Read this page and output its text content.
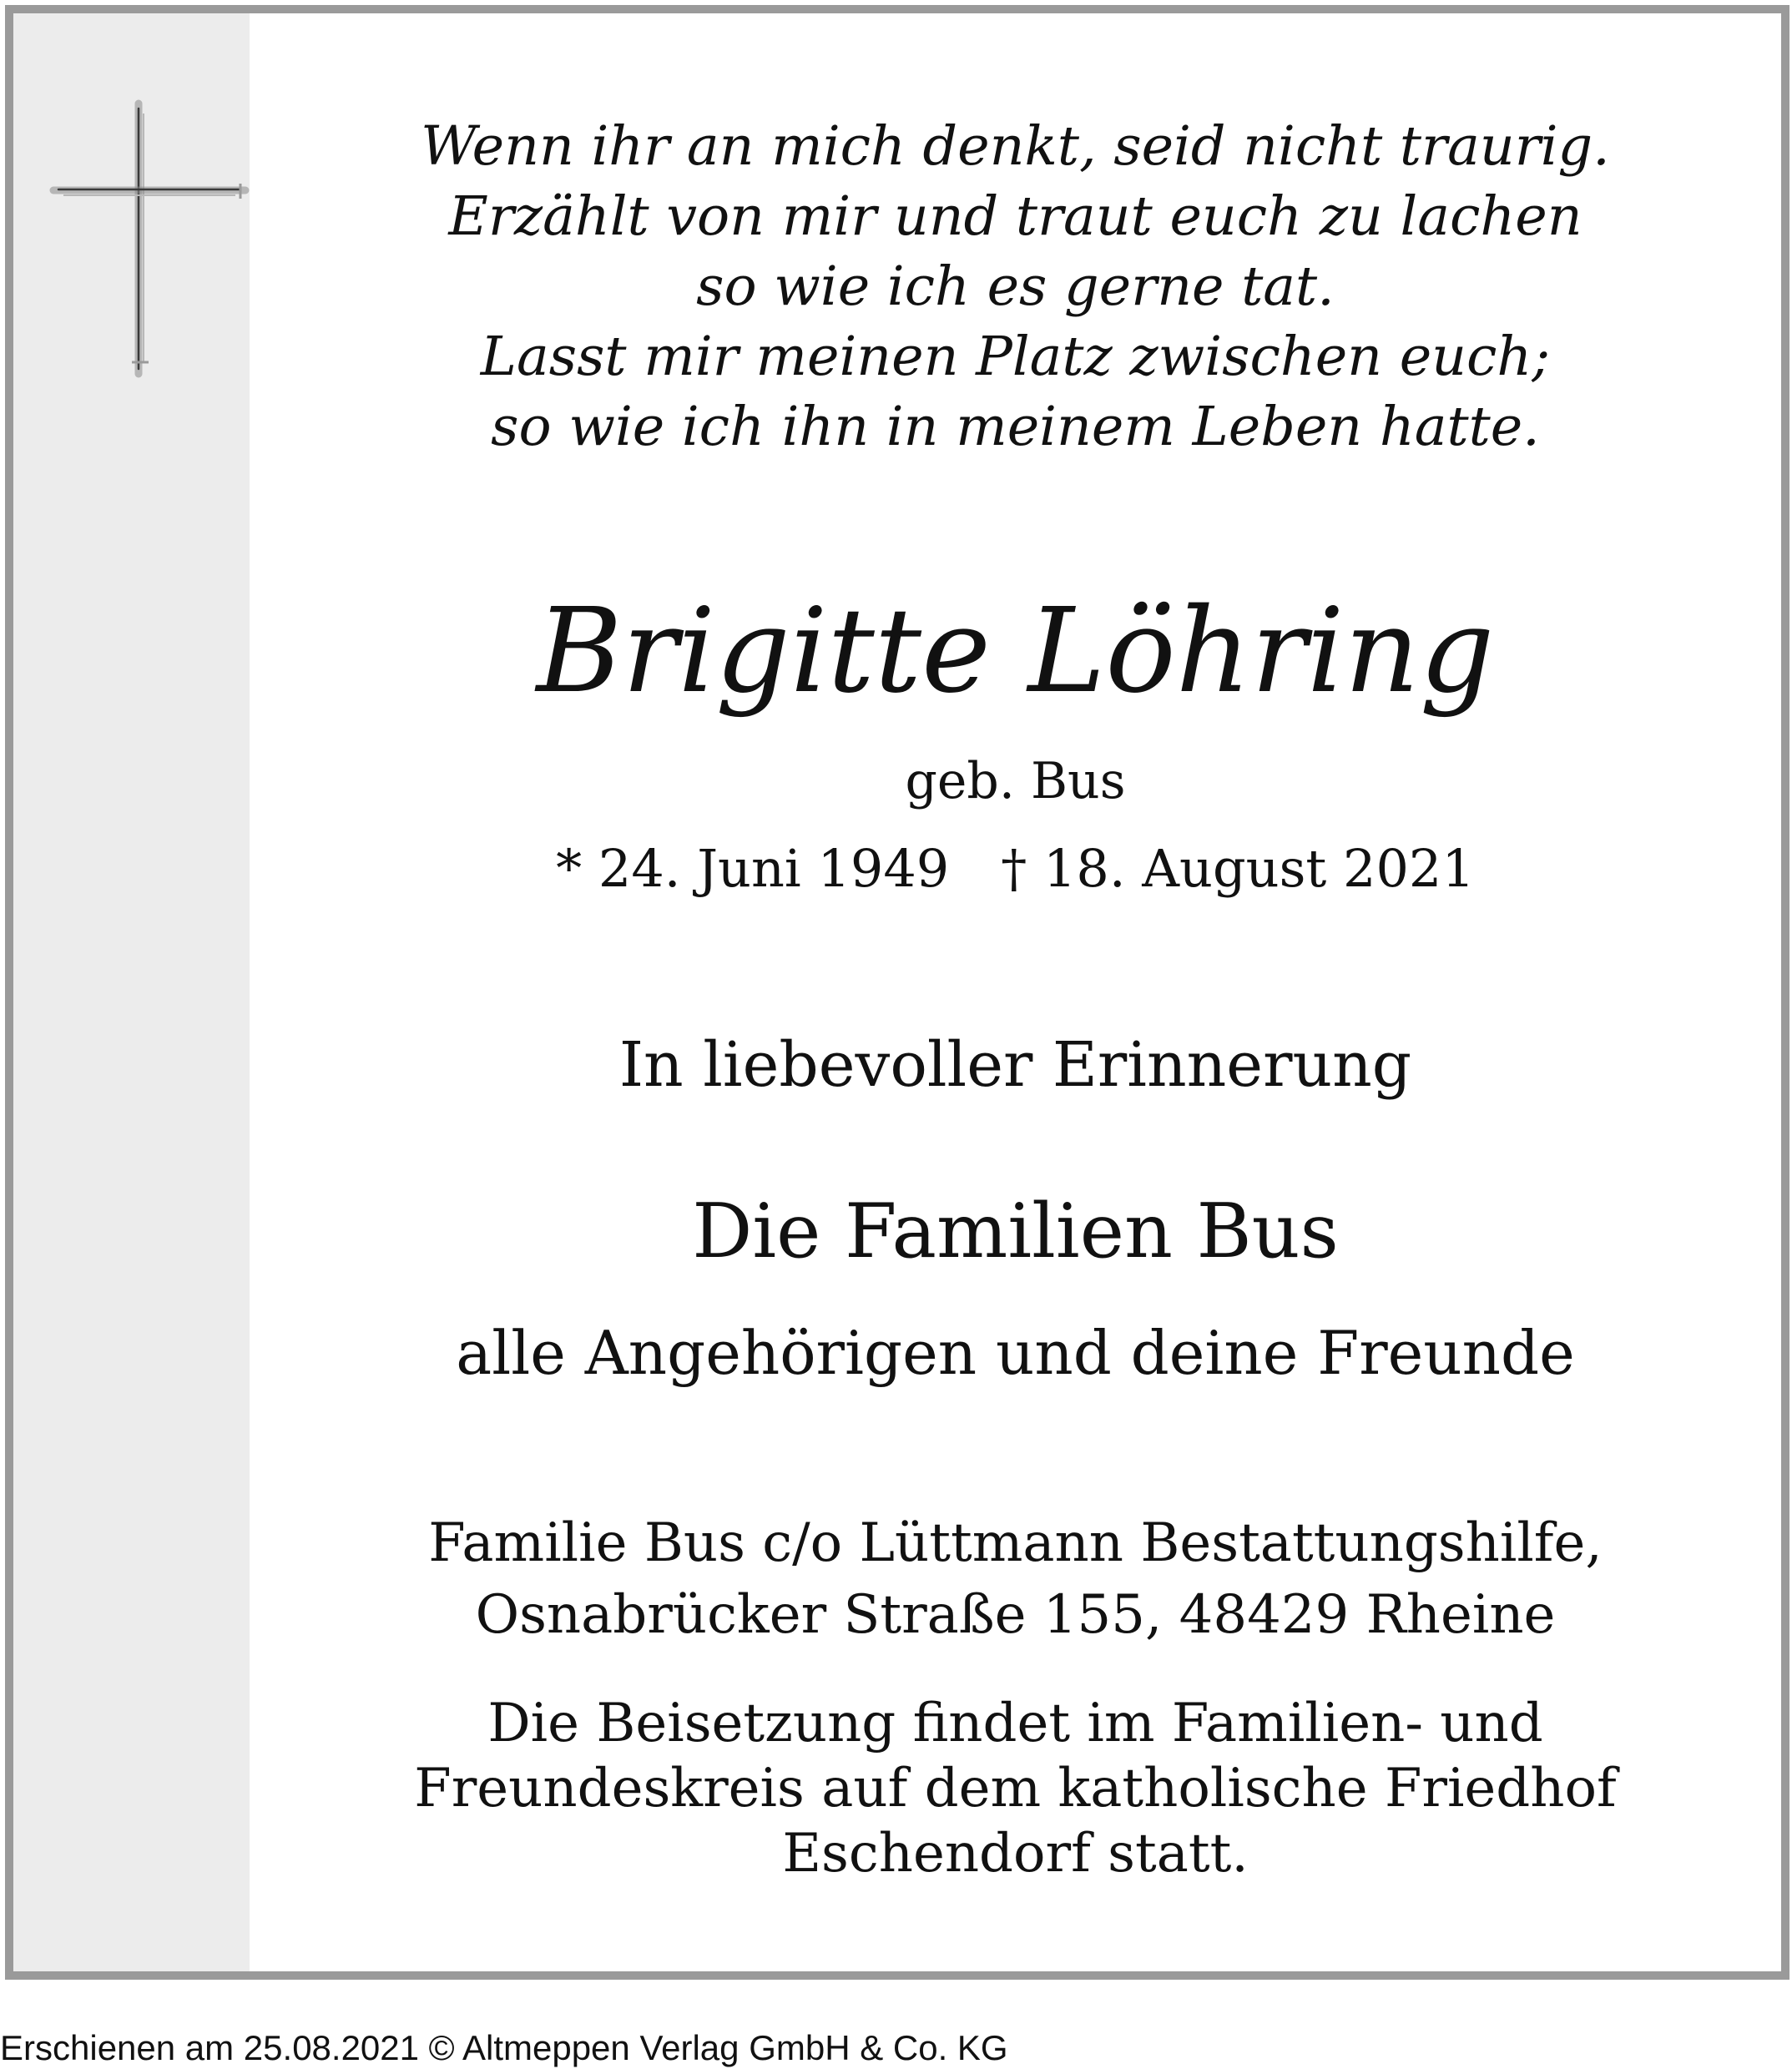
Wenn ihr an mich denkt, seid nicht traurig.
Erzählt von mir und traut euch zu lachen
so wie ich es gerne tat.
Lasst mir meinen Platz zwischen euch;
so wie ich ihn in meinem Leben hatte.
Brigitte Löhring
geb. Bus
* 24. Juni 1949 † 18. August 2021
In liebevoller Erinnerung
Die Familien Bus
alle Angehörigen und deine Freunde
Familie Bus c/o Lüttmann Bestattungshilfe,
Osnabrücker Straße 155, 48429 Rheine
Die Beisetzung findet im Familien- und
Freundeskreis auf dem katholische Friedhof
Eschendorf statt.
Erschienen am 25.08.2021 © Altmeppen Verlag GmbH & Co. KG
